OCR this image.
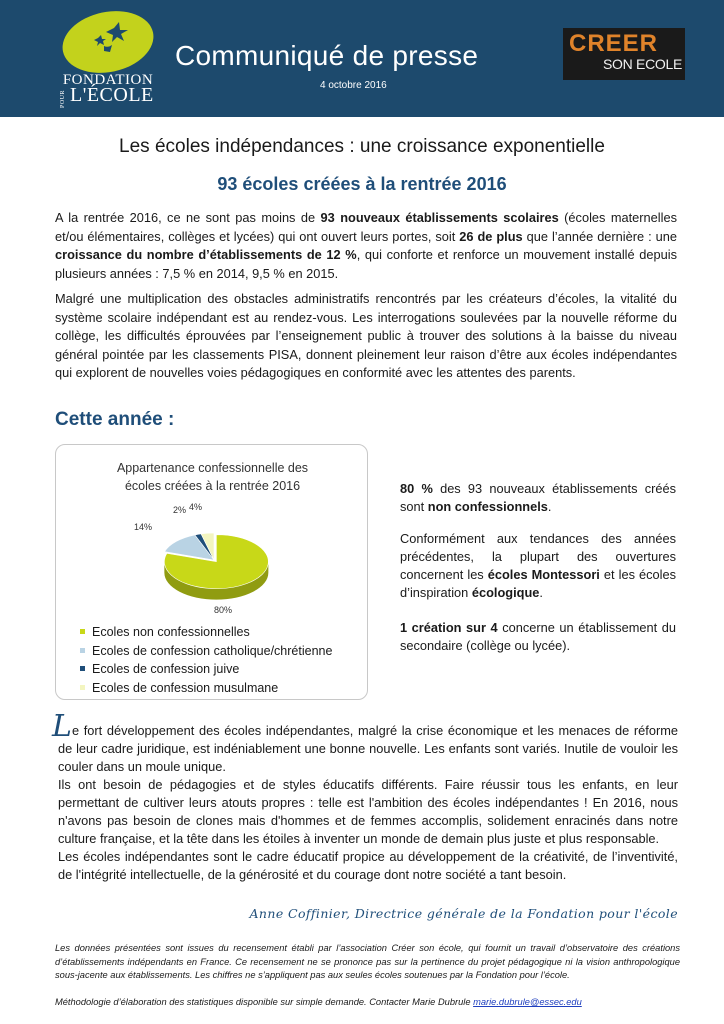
FONDATION
POUR L'ÉCOLE
Communiqué de presse
4 octobre 2016
CREER
SON ECOLE
Les écoles indépendances : une croissance exponentielle
93 écoles créées à la rentrée 2016
A la rentrée 2016, ce ne sont pas moins de 93 nouveaux établissements scolaires (écoles maternelles et/ou élémentaires, collèges et lycées) qui ont ouvert leurs portes, soit 26 de plus que l’année dernière : une croissance du nombre d’établissements de 12 %, qui conforte et renforce un mouvement installé depuis plusieurs années : 7,5 % en 2014, 9,5 % en 2015.
Malgré une multiplication des obstacles administratifs rencontrés par les créateurs d’écoles, la vitalité du système scolaire indépendant est au rendez-vous. Les interrogations soulevées par la nouvelle réforme du collège, les difficultés éprouvées par l’enseignement public à trouver des solutions à la baisse du niveau général pointée par les classements PISA, donnent pleinement leur raison d’être aux écoles indépendantes qui explorent de nouvelles voies pédagogiques en conformité avec les attentes des parents.
Cette année :
Appartenance confessionnelle des
écoles créées à la rentrée 2016
80%
14%
2% 4%
Ecoles non confessionnelles
Ecoles de confession catholique/chrétienne
Ecoles de confession juive
Ecoles de confession musulmane
80 % des 93 nouveaux établissements créés sont non confessionnels.
Conformément aux tendances des années précédentes, la plupart des ouvertures concernent les écoles Montessori et les écoles d’inspiration écologique.
1 création sur 4 concerne un établissement du secondaire (collège ou lycée).
L e fort développement des écoles indépendantes, malgré la crise économique et les menaces de réforme de leur cadre juridique, est indéniablement une bonne nouvelle. Les enfants sont variés. Inutile de vouloir les couler dans un moule unique.

Ils ont besoin de pédagogies et de styles éducatifs différents. Faire réussir tous les enfants, en leur permettant de cultiver leurs atouts propres : telle est l'ambition des écoles indépendantes ! En 2016, nous n'avons pas besoin de clones mais d'hommes et de femmes accomplis, solidement enracinés dans notre culture française, et la tête dans les étoiles à inventer un monde de demain plus juste et plus responsable.

Les écoles indépendantes sont le cadre éducatif propice au développement de la créativité, de l’inventivité, de l'intégrité intellectuelle, de la générosité et du courage dont notre société a tant besoin.

Anne Coffinier, Directrice générale de la Fondation pour l'école
Les données présentées sont issues du recensement établi par l’association Créer son école, qui fournit un travail d’observatoire des créations d’établissements indépendants en France. Ce recensement ne se prononce pas sur la pertinence du projet pédagogique ni la vision anthropologique sous-jacente aux établissements. Les chiffres ne s’appliquent pas aux seules écoles soutenues par la Fondation pour l’école.
Méthodologie d’élaboration des statistiques disponible sur simple demande. Contacter Marie Dubrule marie.dubrule@essec.edu
